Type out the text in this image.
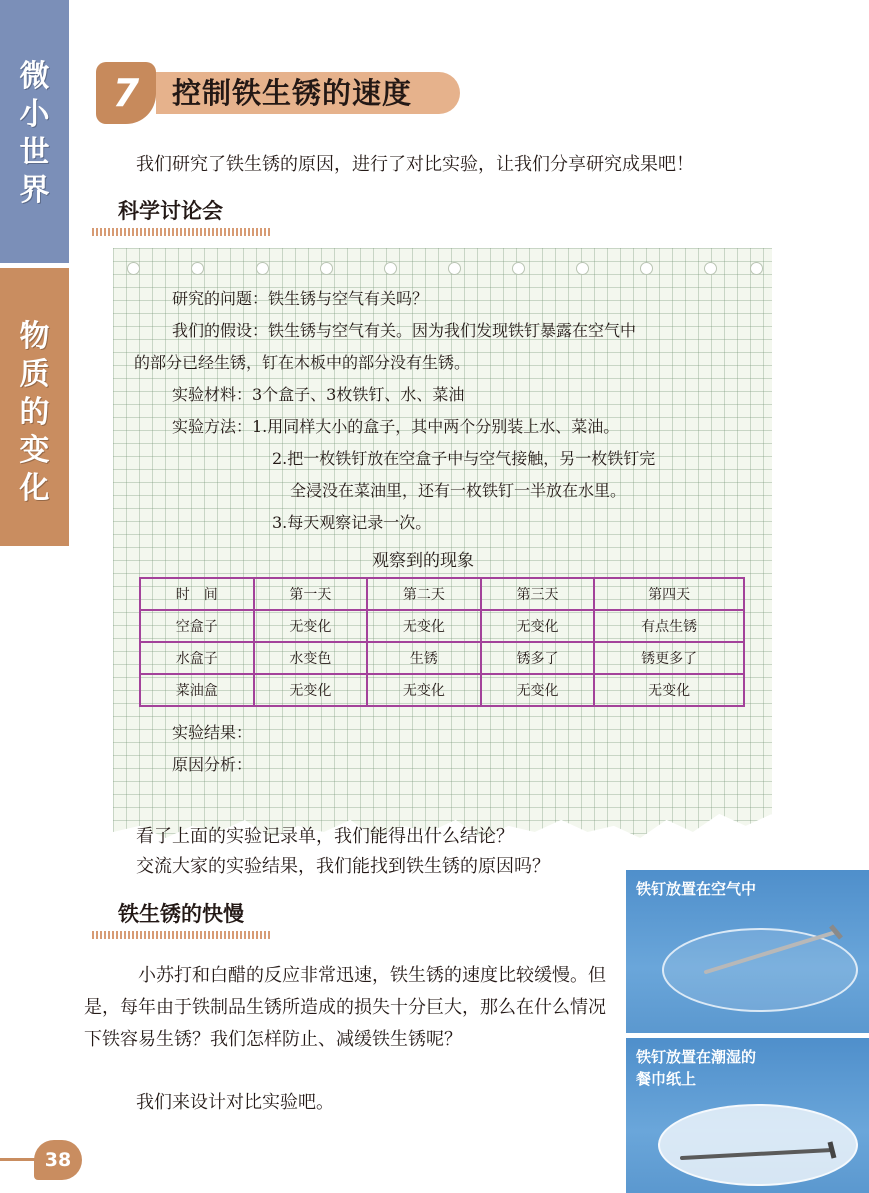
微
小
世
界
物
质
的
变
化
7	控制铁生锈的速度
我们研究了铁生锈的原因，进行了对比实验，让我们分享研究成果吧！
科学讨论会
研究的问题：铁生锈与空气有关吗？
我们的假设：铁生锈与空气有关。因为我们发现铁钉暴露在空气中
的部分已经生锈，钉在木板中的部分没有生锈。
实验材料：3个盒子、3枚铁钉、水、菜油
实验方法：1.用同样大小的盒子，其中两个分别装上水、菜油。
2.把一枚铁钉放在空盒子中与空气接触，另一枚铁钉完
全浸没在菜油里，还有一枚铁钉一半放在水里。
3.每天观察记录一次。
观察到的现象
时　间	第一天	第二天	第三天	第四天
空盒子	无变化	无变化	无变化	有点生锈
水盒子	水变色	生锈	锈多了	锈更多了
菜油盒	无变化	无变化	无变化	无变化
实验结果：
原因分析：
看了上面的实验记录单，我们能得出什么结论？
交流大家的实验结果，我们能找到铁生锈的原因吗？
铁生锈的快慢
小苏打和白醋的反应非常迅速，铁生锈的速度比较缓慢。但是，每年由于铁制品生锈所造成的损失十分巨大，那么在什么情况下铁容易生锈？我们怎样防止、减缓铁生锈呢？
我们来设计对比实验吧。
铁钉放置在空气中
铁钉放置在潮湿的
餐巾纸上
38
